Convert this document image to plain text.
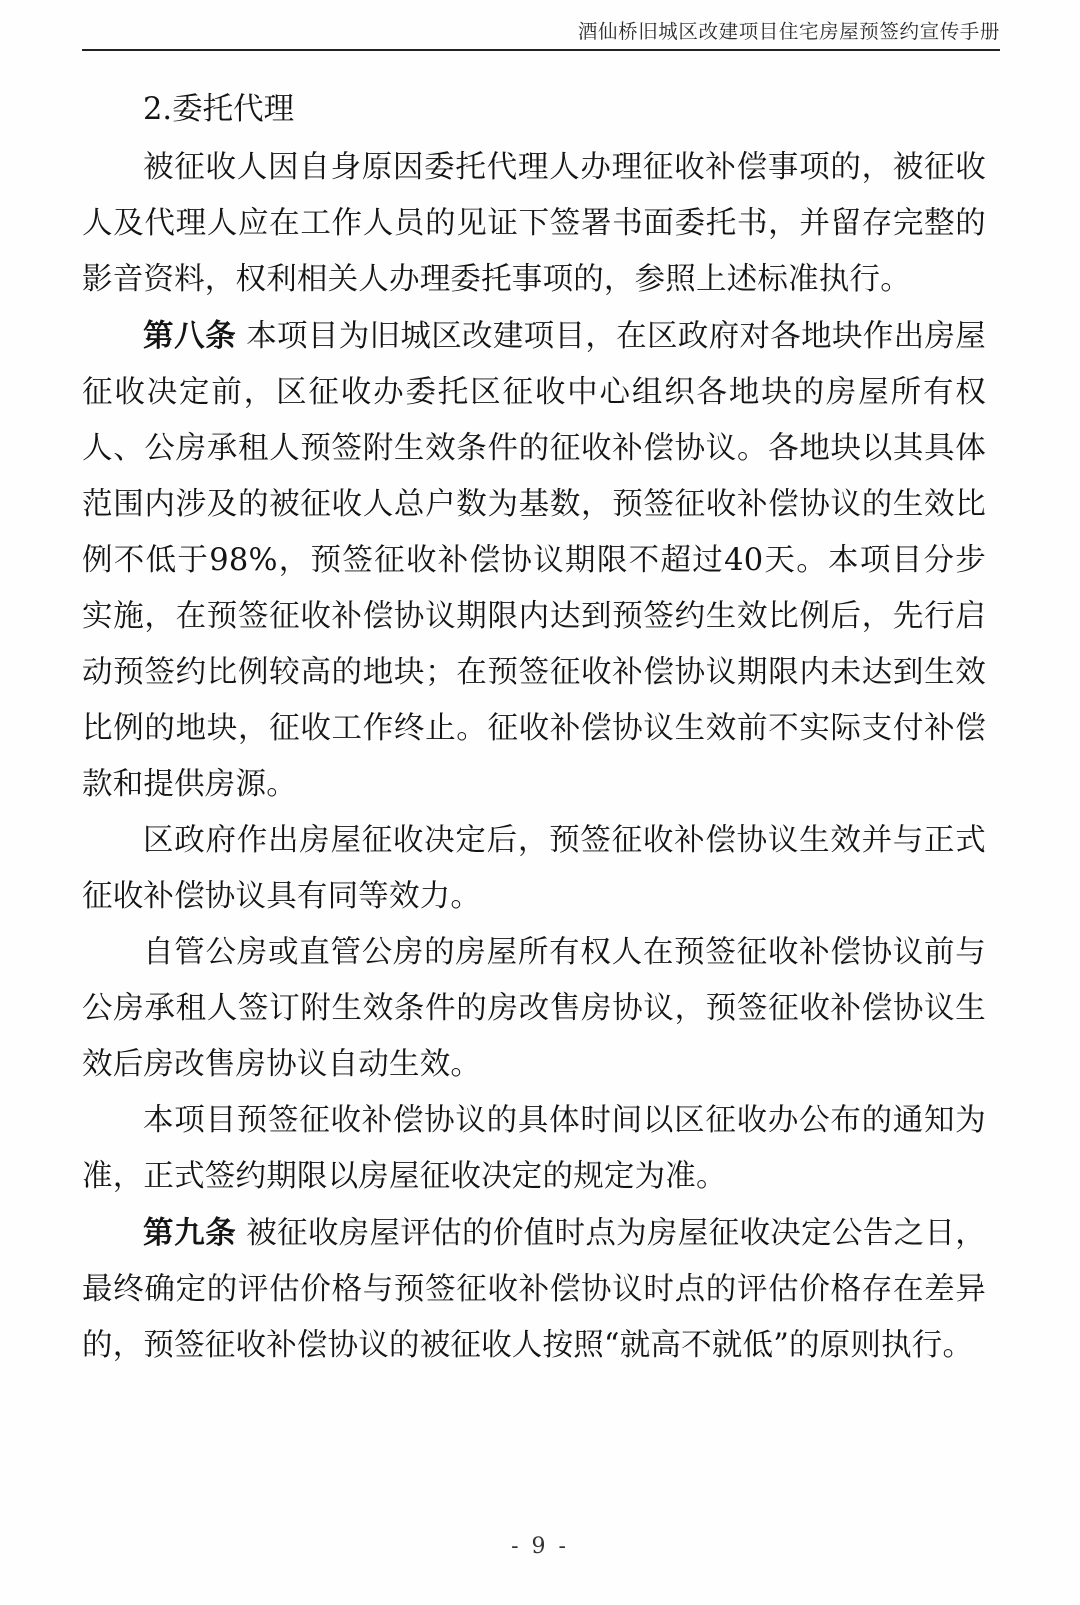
酒仙桥旧城区改建项目住宅房屋预签约宣传手册

2.委托代理

被征收人因自身原因委托代理人办理征收补偿事项的，被征收人及代理人应在工作人员的见证下签署书面委托书，并留存完整的影音资料，权利相关人办理委托事项的，参照上述标准执行。

第八条 本项目为旧城区改建项目，在区政府对各地块作出房屋征收决定前，区征收办委托区征收中心组织各地块的房屋所有权人、公房承租人预签附生效条件的征收补偿协议。各地块以其具体范围内涉及的被征收人总户数为基数，预签征收补偿协议的生效比例不低于98%，预签征收补偿协议期限不超过40天。本项目分步实施，在预签征收补偿协议期限内达到预签约生效比例后，先行启动预签约比例较高的地块；在预签征收补偿协议期限内未达到生效比例的地块，征收工作终止。征收补偿协议生效前不实际支付补偿款和提供房源。

区政府作出房屋征收决定后，预签征收补偿协议生效并与正式征收补偿协议具有同等效力。

自管公房或直管公房的房屋所有权人在预签征收补偿协议前与公房承租人签订附生效条件的房改售房协议，预签征收补偿协议生效后房改售房协议自动生效。

本项目预签征收补偿协议的具体时间以区征收办公布的通知为准，正式签约期限以房屋征收决定的规定为准。

第九条 被征收房屋评估的价值时点为房屋征收决定公告之日，最终确定的评估价格与预签征收补偿协议时点的评估价格存在差异的，预签征收补偿协议的被征收人按照“就高不就低”的原则执行。

- 9 -
